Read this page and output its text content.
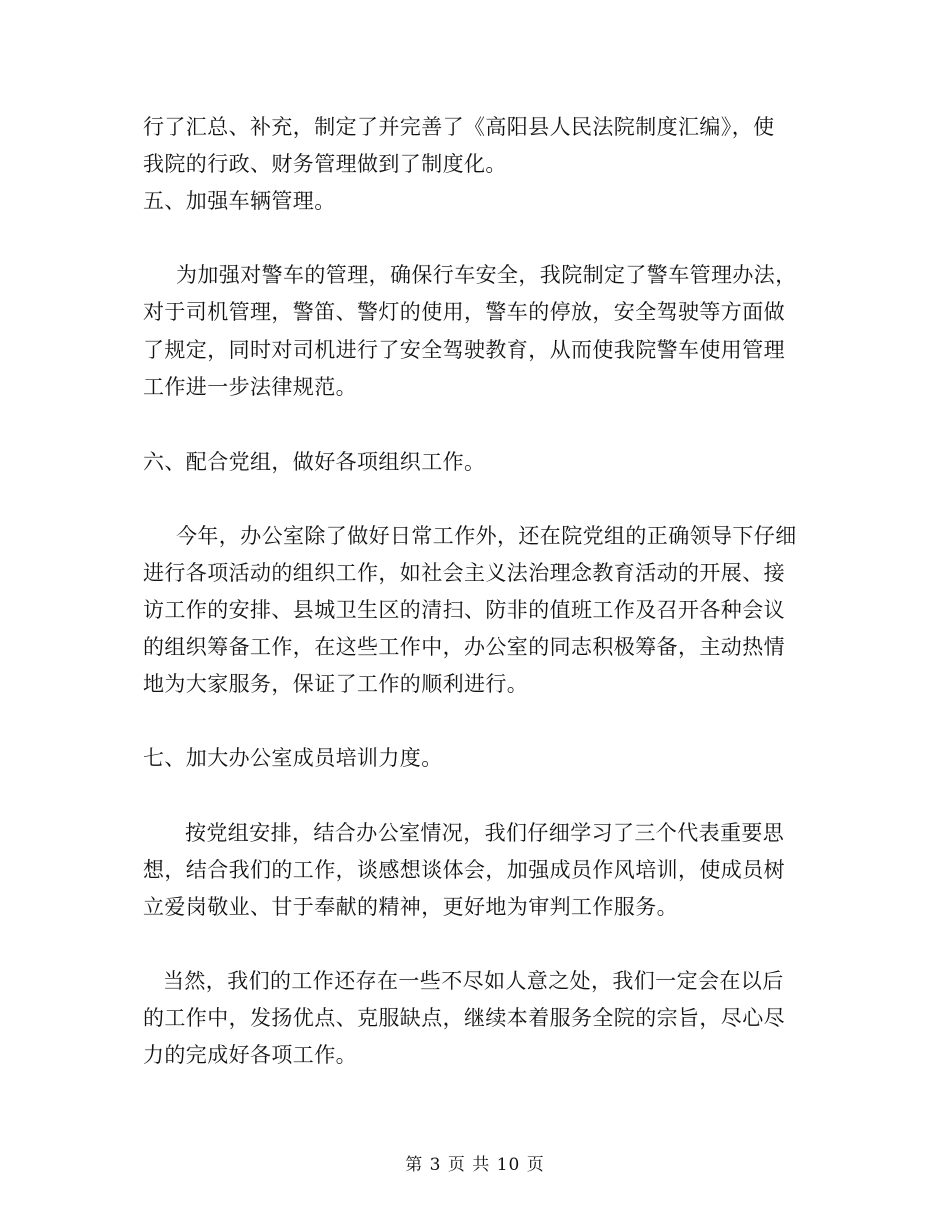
行了汇总、补充，制定了并完善了《高阳县人民法院制度汇编》，使
我院的行政、财务管理做到了制度化。
五、加强车辆管理。
为加强对警车的管理，确保行车安全，我院制定了警车管理办法，
对于司机管理，警笛、警灯的使用，警车的停放，安全驾驶等方面做
了规定，同时对司机进行了安全驾驶教育，从而使我院警车使用管理
工作进一步法律规范。
六、配合党组，做好各项组织工作。
今年，办公室除了做好日常工作外，还在院党组的正确领导下仔细
进行各项活动的组织工作，如社会主义法治理念教育活动的开展、接
访工作的安排、县城卫生区的清扫、防非的值班工作及召开各种会议
的组织筹备工作，在这些工作中，办公室的同志积极筹备，主动热情
地为大家服务，保证了工作的顺利进行。
七、加大办公室成员培训力度。
按党组安排，结合办公室情况，我们仔细学习了三个代表重要思
想，结合我们的工作，谈感想谈体会，加强成员作风培训，使成员树
立爱岗敬业、甘于奉献的精神，更好地为审判工作服务。
当然，我们的工作还存在一些不尽如人意之处，我们一定会在以后
的工作中，发扬优点、克服缺点，继续本着服务全院的宗旨，尽心尽
力的完成好各项工作。
第 3 页 共 10 页
